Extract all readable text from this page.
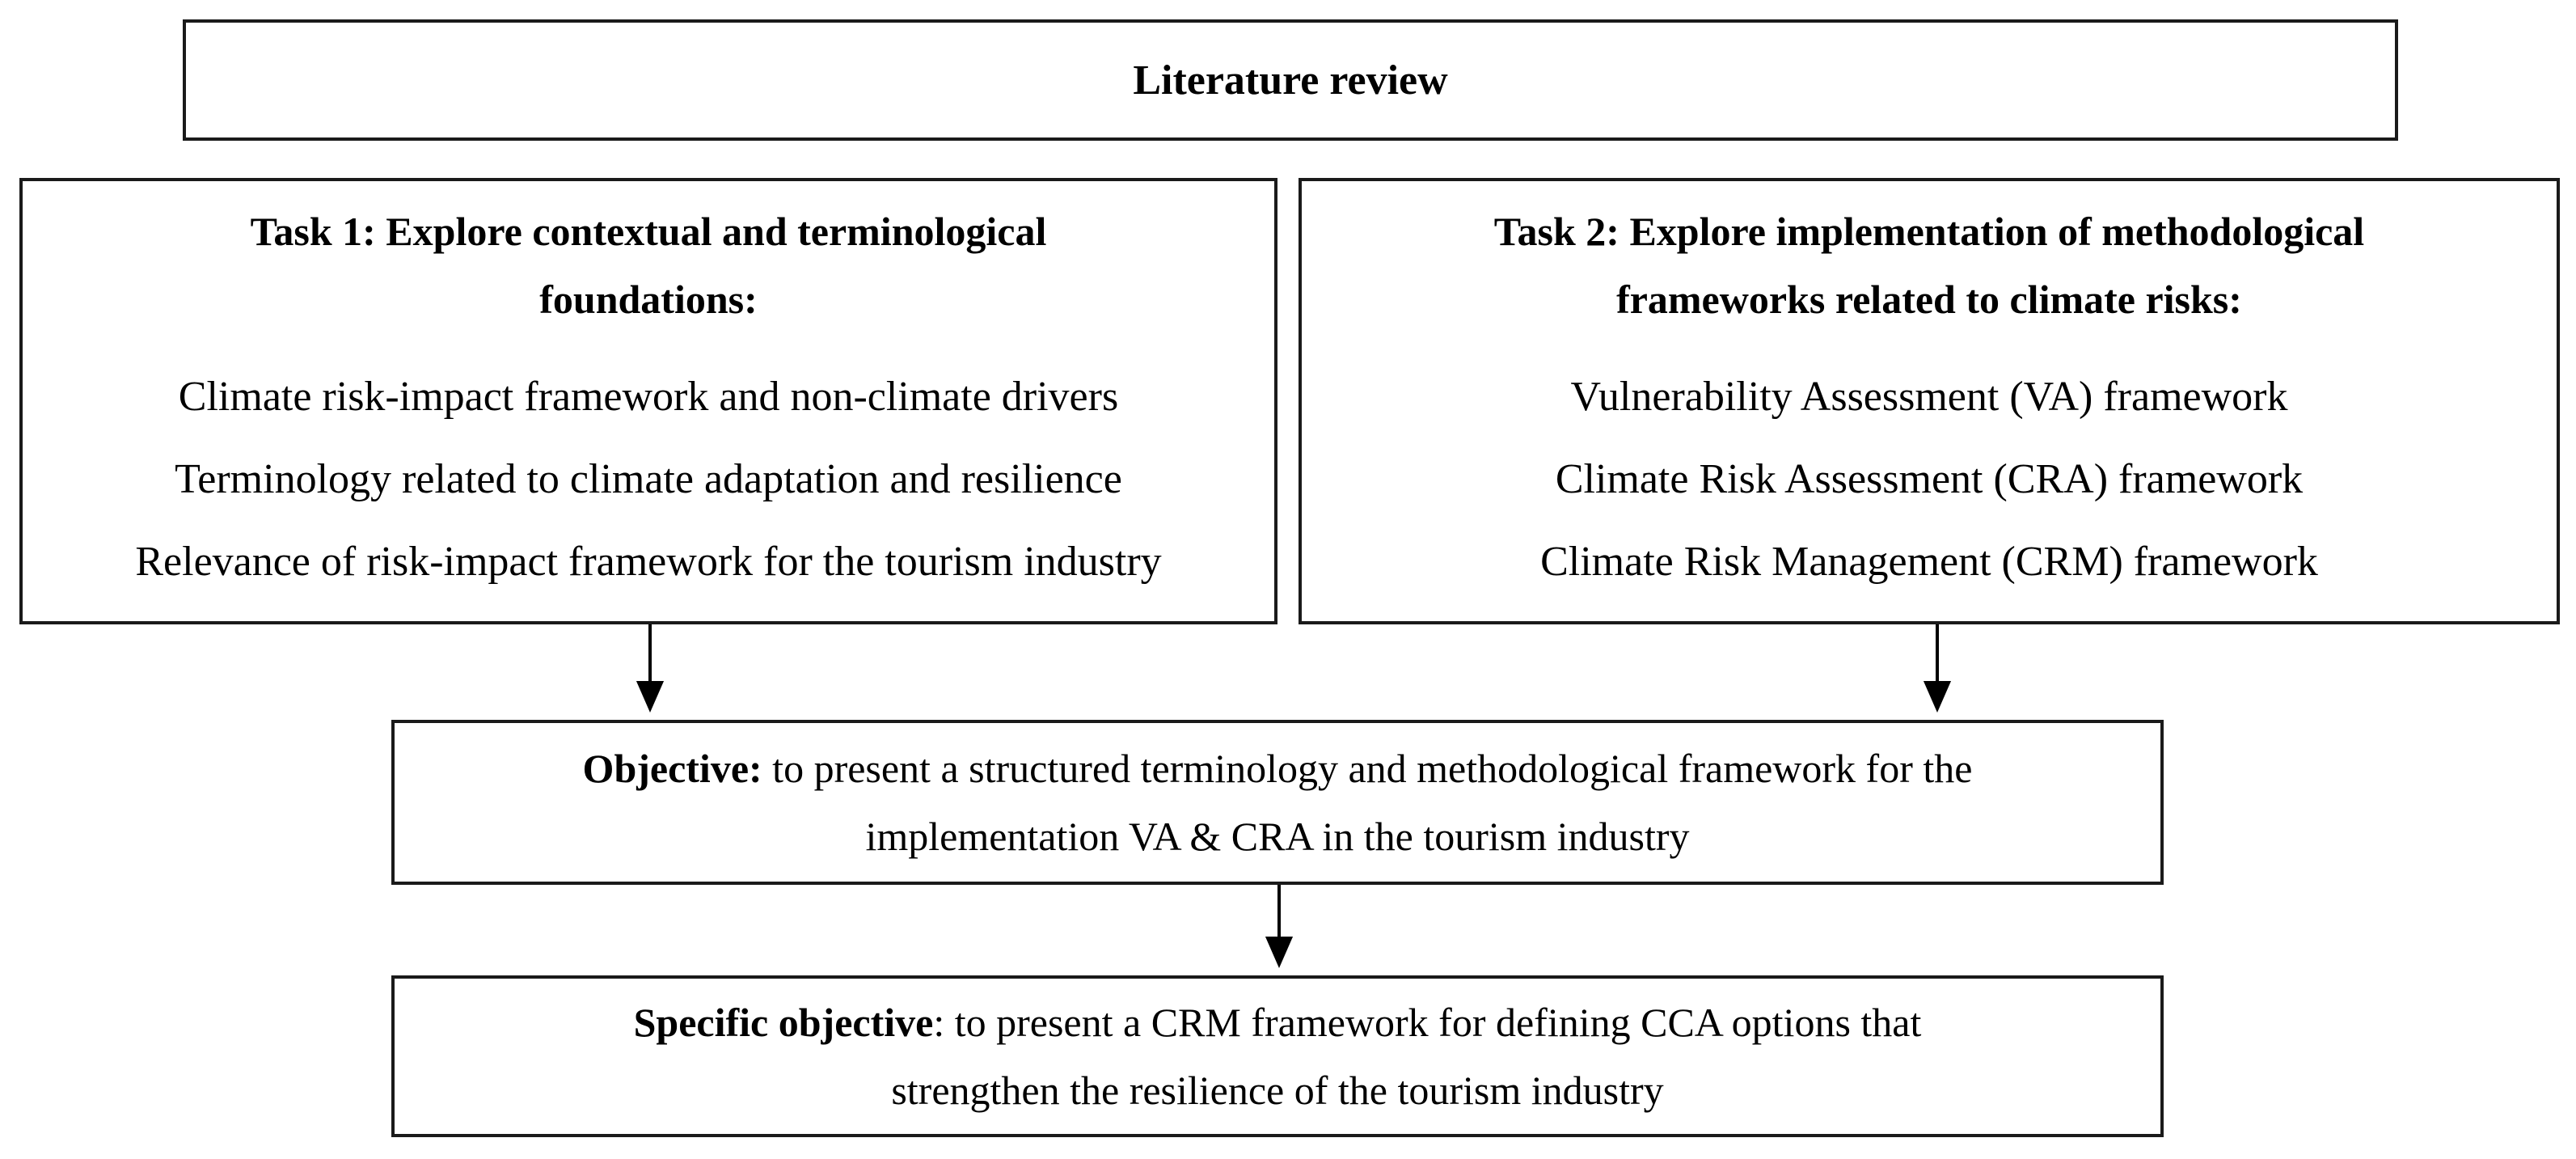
Literature review
Task 1: Explore contextual and terminological
foundations:
Climate risk-impact framework and non-climate drivers
Terminology related to climate adaptation and resilience
Relevance of risk-impact framework for the tourism industry
Task 2: Explore implementation of methodological
frameworks related to climate risks:
Vulnerability Assessment (VA) framework
Climate Risk Assessment (CRA) framework
Climate Risk Management (CRM) framework
Objective: to present a structured terminology and methodological framework for the
implementation VA & CRA in the tourism industry
Specific objective: to present a CRM framework for defining CCA options that
strengthen the resilience of the tourism industry
